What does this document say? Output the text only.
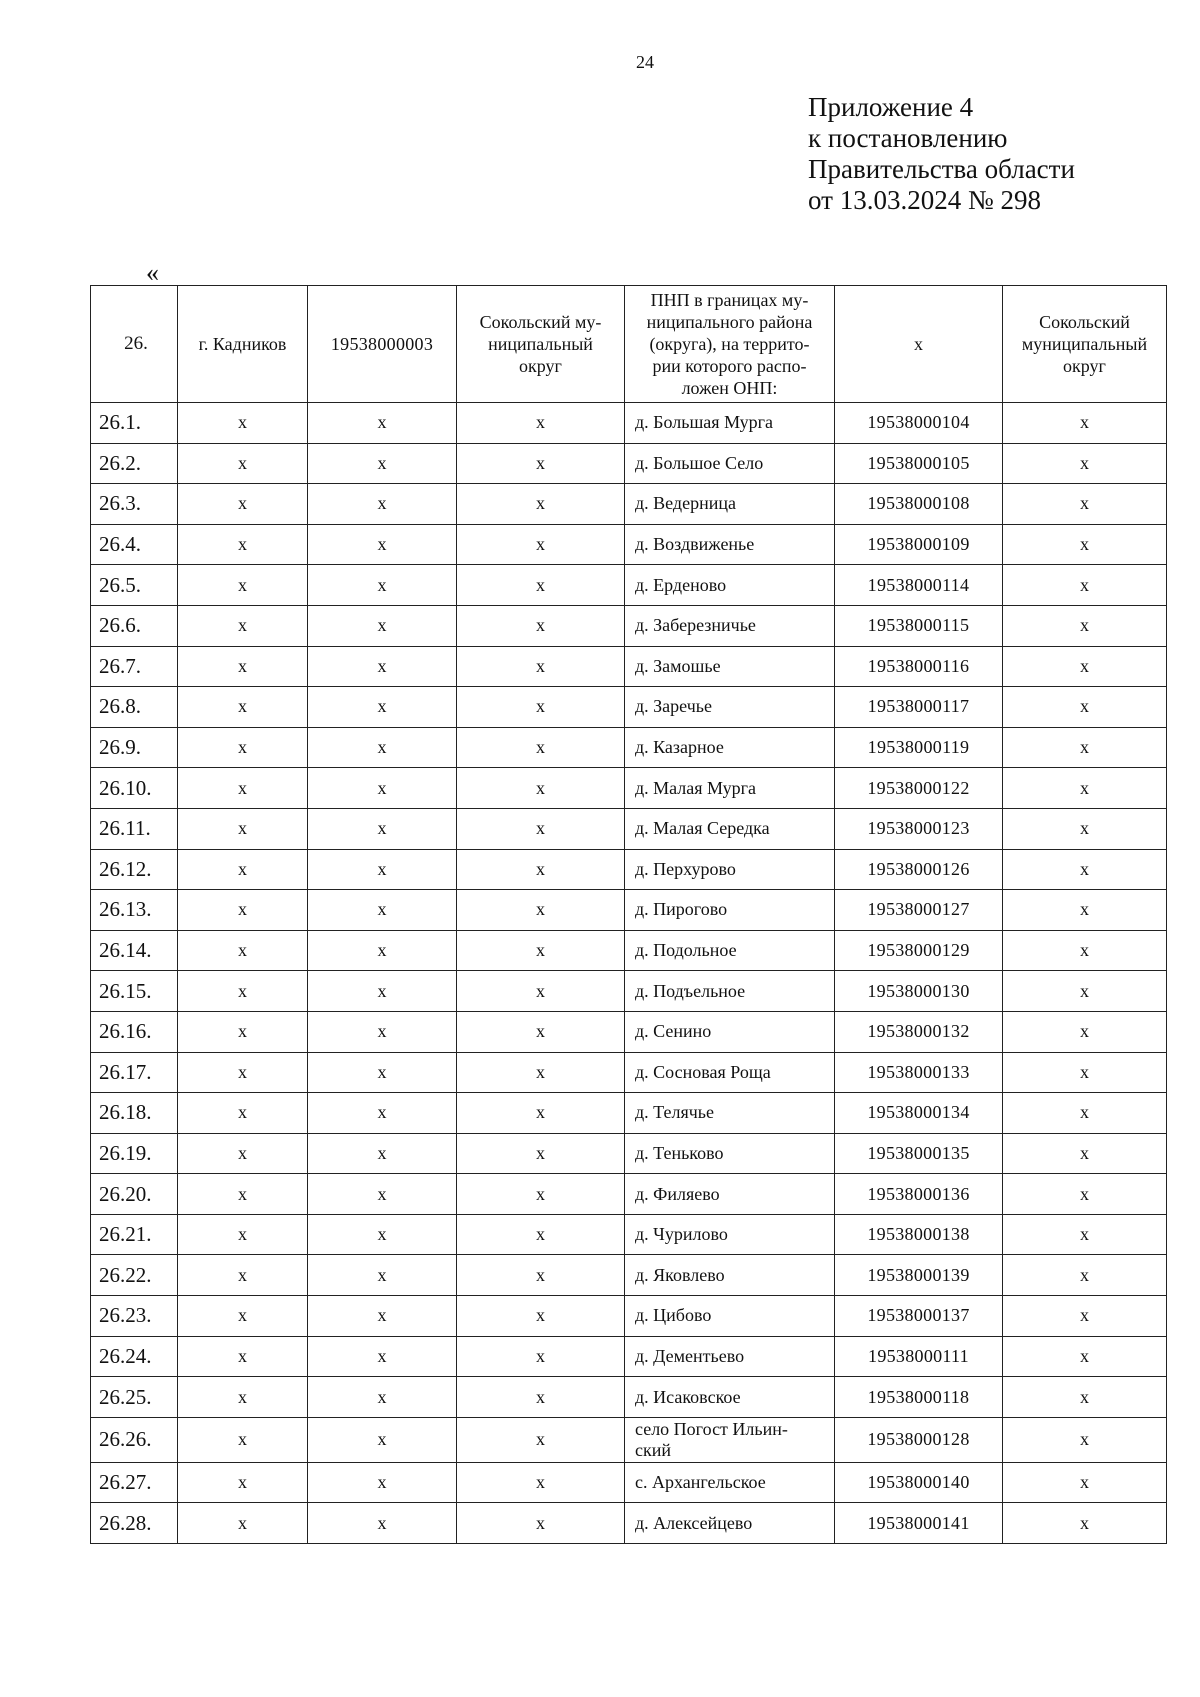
24
Приложение 4
к постановлению
Правительства области
от 13.03.2024 № 298
«
26.	г. Кадников	19538000003	Сокольский му-
ниципальный
округ	ПНП в границах му-
ниципального района
(округа), на террито-
рии которого распо-
ложен ОНП:	x	Сокольский
муниципальный
округ
26.1.	x	x	x	д. Большая Мурга	19538000104	x
26.2.	x	x	x	д. Большое Село	19538000105	x
26.3.	x	x	x	д. Ведерница	19538000108	x
26.4.	x	x	x	д. Воздвиженье	19538000109	x
26.5.	x	x	x	д. Ерденово	19538000114	x
26.6.	x	x	x	д. Заберезничье	19538000115	x
26.7.	x	x	x	д. Замошье	19538000116	x
26.8.	x	x	x	д. Заречье	19538000117	x
26.9.	x	x	x	д. Казарное	19538000119	x
26.10.	x	x	x	д. Малая Мурга	19538000122	x
26.11.	x	x	x	д. Малая Середка	19538000123	x
26.12.	x	x	x	д. Перхурово	19538000126	x
26.13.	x	x	x	д. Пирогово	19538000127	x
26.14.	x	x	x	д. Подольное	19538000129	x
26.15.	x	x	x	д. Подъельное	19538000130	x
26.16.	x	x	x	д. Сенино	19538000132	x
26.17.	x	x	x	д. Сосновая Роща	19538000133	x
26.18.	x	x	x	д. Телячье	19538000134	x
26.19.	x	x	x	д. Теньково	19538000135	x
26.20.	x	x	x	д. Филяево	19538000136	x
26.21.	x	x	x	д. Чурилово	19538000138	x
26.22.	x	x	x	д. Яковлево	19538000139	x
26.23.	x	x	x	д. Цибово	19538000137	x
26.24.	x	x	x	д. Дементьево	19538000111	x
26.25.	x	x	x	д. Исаковское	19538000118	x
26.26.	x	x	x	село Погост Ильин-
ский	19538000128	x
26.27.	x	x	x	с. Архангельское	19538000140	x
26.28.	x	x	x	д. Алексейцево	19538000141	x
